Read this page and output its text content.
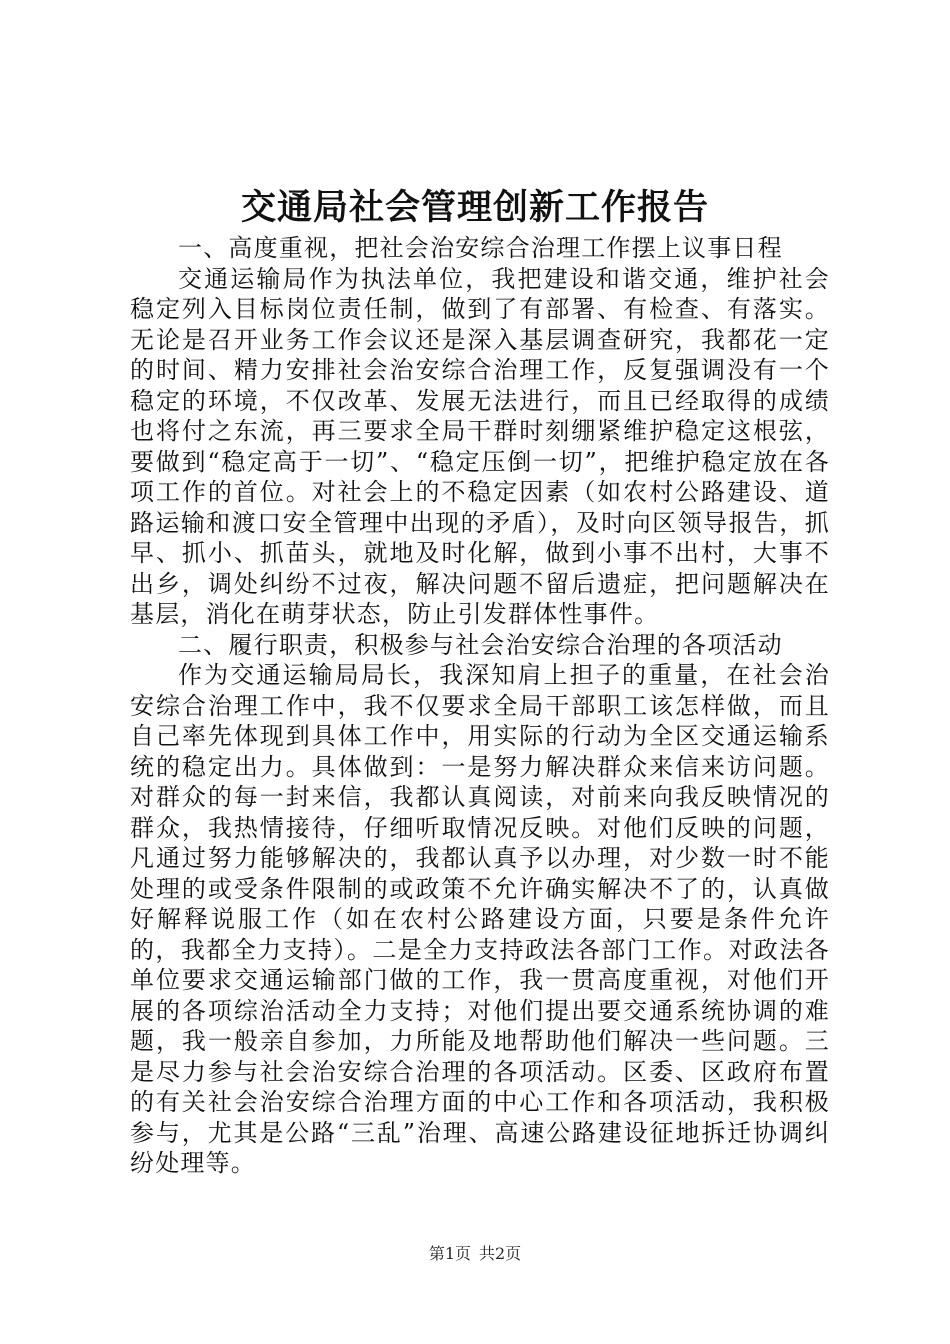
交通局社会管理创新工作报告

一、高度重视，把社会治安综合治理工作摆上议事日程

交通运输局作为执法单位，我把建设和谐交通，维护社会稳定列入目标岗位责任制，做到了有部署、有检查、有落实。无论是召开业务工作会议还是深入基层调查研究，我都花一定的时间、精力安排社会治安综合治理工作，反复强调没有一个稳定的环境，不仅改革、发展无法进行，而且已经取得的成绩也将付之东流，再三要求全局干群时刻绷紧维护稳定这根弦，要做到“稳定高于一切”、“稳定压倒一切”，把维护稳定放在各项工作的首位。对社会上的不稳定因素（如农村公路建设、道路运输和渡口安全管理中出现的矛盾），及时向区领导报告，抓早、抓小、抓苗头，就地及时化解，做到小事不出村，大事不出乡，调处纠纷不过夜，解决问题不留后遗症，把问题解决在基层，消化在萌芽状态，防止引发群体性事件。

二、履行职责，积极参与社会治安综合治理的各项活动

作为交通运输局局长，我深知肩上担子的重量，在社会治安综合治理工作中，我不仅要求全局干部职工该怎样做，而且自己率先体现到具体工作中，用实际的行动为全区交通运输系统的稳定出力。具体做到：一是努力解决群众来信来访问题。对群众的每一封来信，我都认真阅读，对前来向我反映情况的群众，我热情接待，仔细听取情况反映。对他们反映的问题，凡通过努力能够解决的，我都认真予以办理，对少数一时不能处理的或受条件限制的或政策不允许确实解决不了的，认真做好解释说服工作（如在农村公路建设方面，只要是条件允许的，我都全力支持）。二是全力支持政法各部门工作。对政法各单位要求交通运输部门做的工作，我一贯高度重视，对他们开展的各项综治活动全力支持；对他们提出要交通系统协调的难题，我一般亲自参加，力所能及地帮助他们解决一些问题。三是尽力参与社会治安综合治理的各项活动。区委、区政府布置的有关社会治安综合治理方面的中心工作和各项活动，我积极参与，尤其是公路“三乱”治理、高速公路建设征地拆迁协调纠纷处理等。

第1页 共2页
